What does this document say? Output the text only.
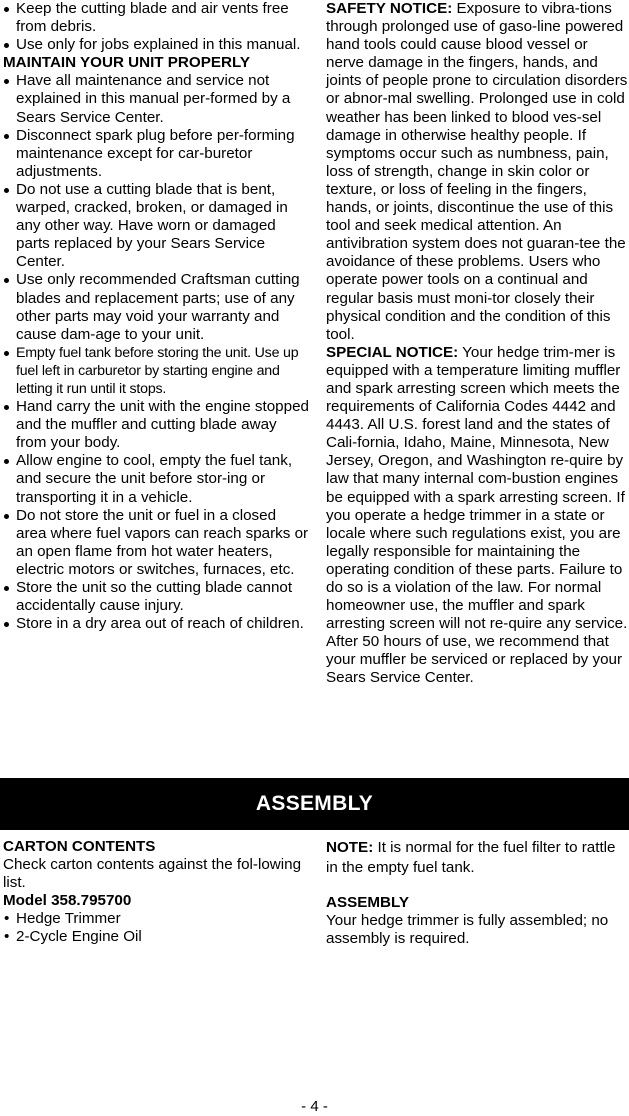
Keep the cutting blade and air vents free from debris.
Use only for jobs explained in this manual.
MAINTAIN YOUR UNIT PROPERLY
Have all maintenance and service not explained in this manual per-formed by a Sears Service Center.
Disconnect spark plug before per-forming maintenance except for car-buretor adjustments.
Do not use a cutting blade that is bent, warped, cracked, broken, or damaged in any other way. Have worn or damaged parts replaced by your Sears Service Center.
Use only recommended Craftsman cutting blades and replacement parts; use of any other parts may void your warranty and cause dam-age to your unit.
Empty fuel tank before storing the unit. Use up fuel left in carburetor by starting engine and letting it run until it stops.
Hand carry the unit with the engine stopped and the muffler and cutting blade away from your body.
Allow engine to cool, empty the fuel tank, and secure the unit before stor-ing or transporting it in a vehicle.
Do not store the unit or fuel in a closed area where fuel vapors can reach sparks or an open flame from hot water heaters, electric motors or switches, furnaces, etc.
Store the unit so the cutting blade cannot accidentally cause injury.
Store in a dry area out of reach of children.
SAFETY NOTICE: Exposure to vibra-tions through prolonged use of gaso-line powered hand tools could cause blood vessel or nerve damage in the fingers, hands, and joints of people prone to circulation disorders or abnor-mal swelling. Prolonged use in cold weather has been linked to blood ves-sel damage in otherwise healthy people. If symptoms occur such as numbness, pain, loss of strength, change in skin color or texture, or loss of feeling in the fingers, hands, or joints, discontinue the use of this tool and seek medical attention. An antivibration system does not guaran-tee the avoidance of these problems. Users who operate power tools on a continual and regular basis must moni-tor closely their physical condition and the condition of this tool.
SPECIAL NOTICE: Your hedge trim-mer is equipped with a temperature limiting muffler and spark arresting screen which meets the requirements of California Codes 4442 and 4443. All U.S. forest land and the states of Cali-fornia, Idaho, Maine, Minnesota, New Jersey, Oregon, and Washington re-quire by law that many internal com-bustion engines be equipped with a spark arresting screen. If you operate a hedge trimmer in a state or locale where such regulations exist, you are legally responsible for maintaining the operating condition of these parts. Failure to do so is a violation of the law. For normal homeowner use, the muffler and spark arresting screen will not re-quire any service. After 50 hours of use, we recommend that your muffler be serviced or replaced by your Sears Service Center.
ASSEMBLY
CARTON CONTENTS
Check carton contents against the fol-lowing list.
Model 358.795700
• Hedge Trimmer
• 2-Cycle Engine Oil
NOTE: It is normal for the fuel filter to rattle in the empty fuel tank.
ASSEMBLY
Your hedge trimmer is fully assembled; no assembly is required.
- 4 -
